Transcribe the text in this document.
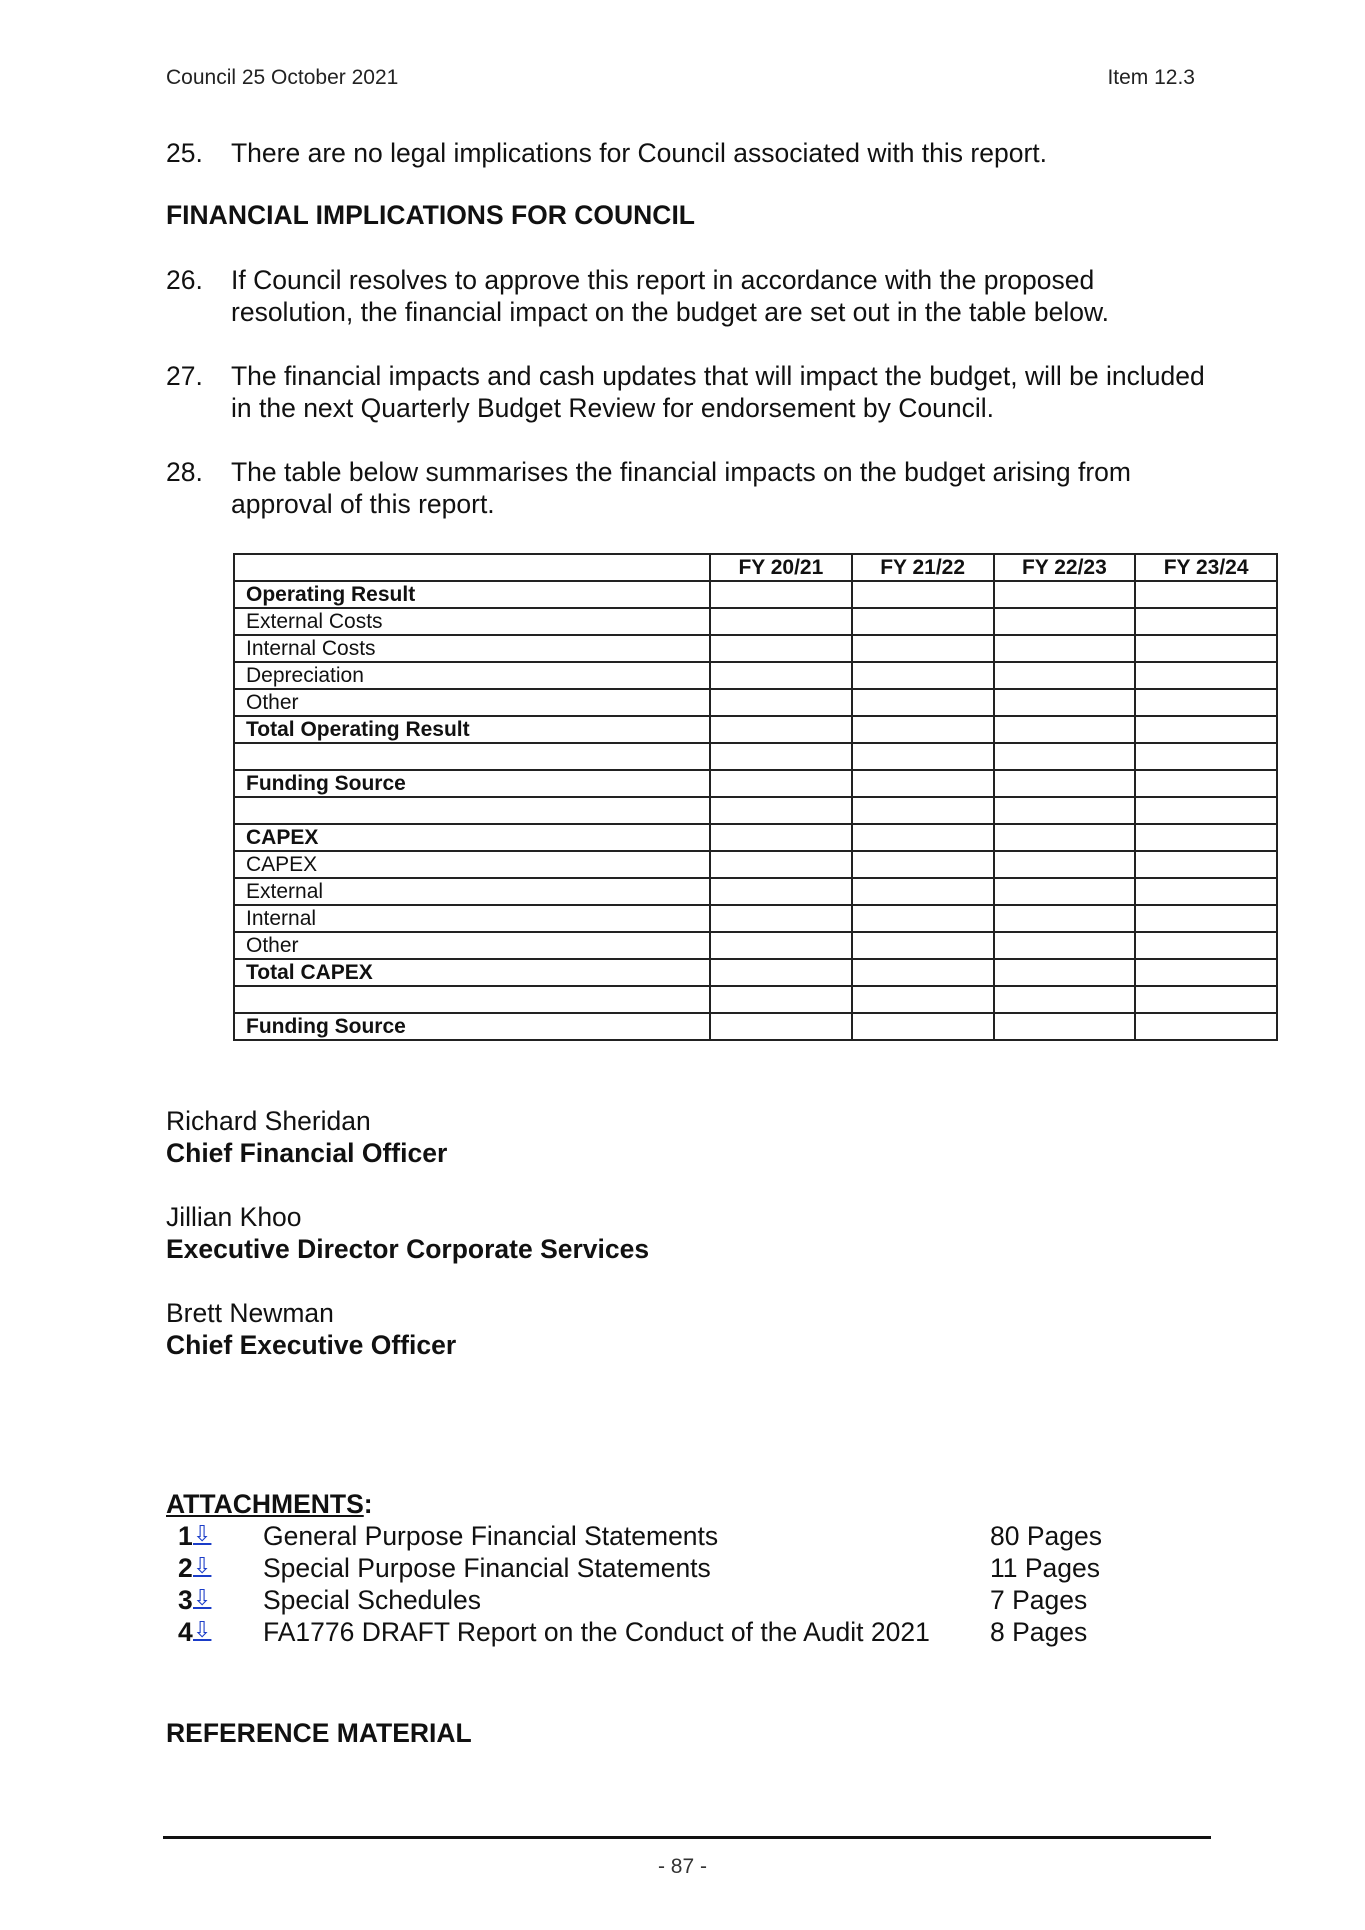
Council 25 October 2021	Item 12.3
25. There are no legal implications for Council associated with this report.
FINANCIAL IMPLICATIONS FOR COUNCIL
26. If Council resolves to approve this report in accordance with the proposed resolution, the financial impact on the budget are set out in the table below.
27. The financial impacts and cash updates that will impact the budget, will be included in the next Quarterly Budget Review for endorsement by Council.
28. The table below summarises the financial impacts on the budget arising from approval of this report.
	FY 20/21	FY 21/22	FY 22/23	FY 23/24
Operating Result				
External Costs				
Internal Costs				
Depreciation				
Other				
Total Operating Result				

Funding Source				

CAPEX				
CAPEX				
External				
Internal				
Other				
Total CAPEX				

Funding Source				
Richard Sheridan
Chief Financial Officer
Jillian Khoo
Executive Director Corporate Services
Brett Newman
Chief Executive Officer
ATTACHMENTS:
1 ⇩ General Purpose Financial Statements	80 Pages
2 ⇩ Special Purpose Financial Statements	11 Pages
3 ⇩ Special Schedules	7 Pages
4 ⇩ FA1776 DRAFT Report on the Conduct of the Audit 2021 8 Pages
REFERENCE MATERIAL
- 87 -
